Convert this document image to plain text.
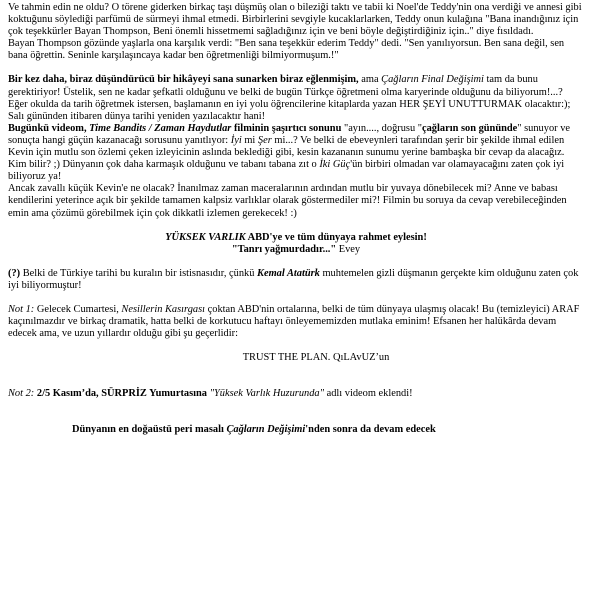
Ve tahmin edin ne oldu? O törene giderken birkaç taşı düşmüş olan o bileziği taktı ve tabii ki Noel'de Teddy'nin ona verdiği ve annesi gibi koktuğunu söylediği parfümü de sürmeyi ihmal etmedi. Birbirlerini sevgiyle kucaklarlarken, Teddy onun kulağına "Bana inandığınız için çok teşekkürler Bayan Thompson, Beni önemli hissetmemi sağladığınız için ve beni böyle değiştirdiğiniz için.." diye fısıldadı.
Bayan Thompson gözünde yaşlarla ona karşılık verdi: "Ben sana teşekkür ederim Teddy" dedi. "Sen yanılıyorsun. Ben sana değil, sen bana öğrettin. Seninle karşılaşıncaya kadar ben öğretmenliği bilmiyormuşum.!"

Bir kez daha, biraz düşündürücü bir hikâyeyi sana sunarken biraz eğlenmişim, ama Çağların Final Değişimi tam da bunu gerektiriyor! Üstelik, sen ne kadar şefkatli olduğunu ve belki de bugün Türkçe öğretmeni olma karyerinde olduğunu da biliyorum!...? Eğer okulda da tarih öğretmek istersen, başlamanın en iyi yolu öğrencilerine kitaplarda yazan HER ŞEYİ UNUTTURMAK olacaktır:); Salı gününden itibaren dünya tarihi yeniden yazılacaktır hani!
Bugünkü videom, Time Bandits / Zaman Haydutlar filminin şaşırtıcı sonunu "ayın...., doğrusu "çağların son gününde" sunuyor ve sonuçta hangi güçün kazanacağı sorusunu yanıtlıyor: İyi mi Şer mi...? Ve belki de ebeveynleri tarafından şerir bir şekilde ihmal edilen Kevin için mutlu son özlemi çeken izleyicinin aslında beklediği gibi, kesin kazananın sunumu yerine bambaşka bir cevap da alacağız. Kim bilir? ;) Dünyanın çok daha karmaşık olduğunu ve tabanı tabana zıt o İki Güç'ün birbiri olmadan var olamayacağını zaten çok iyi biliyoruz ya!
Ancak zavallı küçük Kevin'e ne olacak? İnanılmaz zaman maceralarının ardından mutlu bir yuvaya dönebilecek mi? Anne ve babası kendilerini yeterince açık bir şekilde tamamen kalpsiz varlıklar olarak göstermediler mi?! Filmin bu soruya da cevap verebileceğinden emin ama çözümü görebilmek için çok dikkatli izlemen gerekecek! :)

YÜKSEK VARLIK ABD'ye ve tüm dünyaya rahmet eylesin!

"Tanrı yağmurdadır..." Evey

(?) Belki de Türkiye tarihi bu kuralın bir istisnasıdır, çünkü Kemal Atatürk muhtemelen gizli düşmanın gerçekte kim olduğunu zaten çok iyi biliyormuştur!

Not 1: Gelecek Cumartesi, Nesillerin Kasırgası çoktan ABD'nin ortalarına, belki de tüm dünyaya ulaşmış olacak! Bu (temizleyici) ARAF kaçınılmazdır ve birkaç dramatik, hatta belki de korkutucu haftayı önleyememizden mutlaka eminim! Efsanen her halükârda devam edecek ama, ve uzun yıllardır olduğu gibi şu geçerlidir:

TRUST THE PLAN. QıLAvUZ’un

Not 2: 2/5 Kasım’da, SÜRPRİZ Yumurtasına "Yüksek Varlık Huzurunda" adlı videom eklendi!

Dünyanın en doğaüstü peri masalı Çağların Değişimi'nden sonra da devam edecek
